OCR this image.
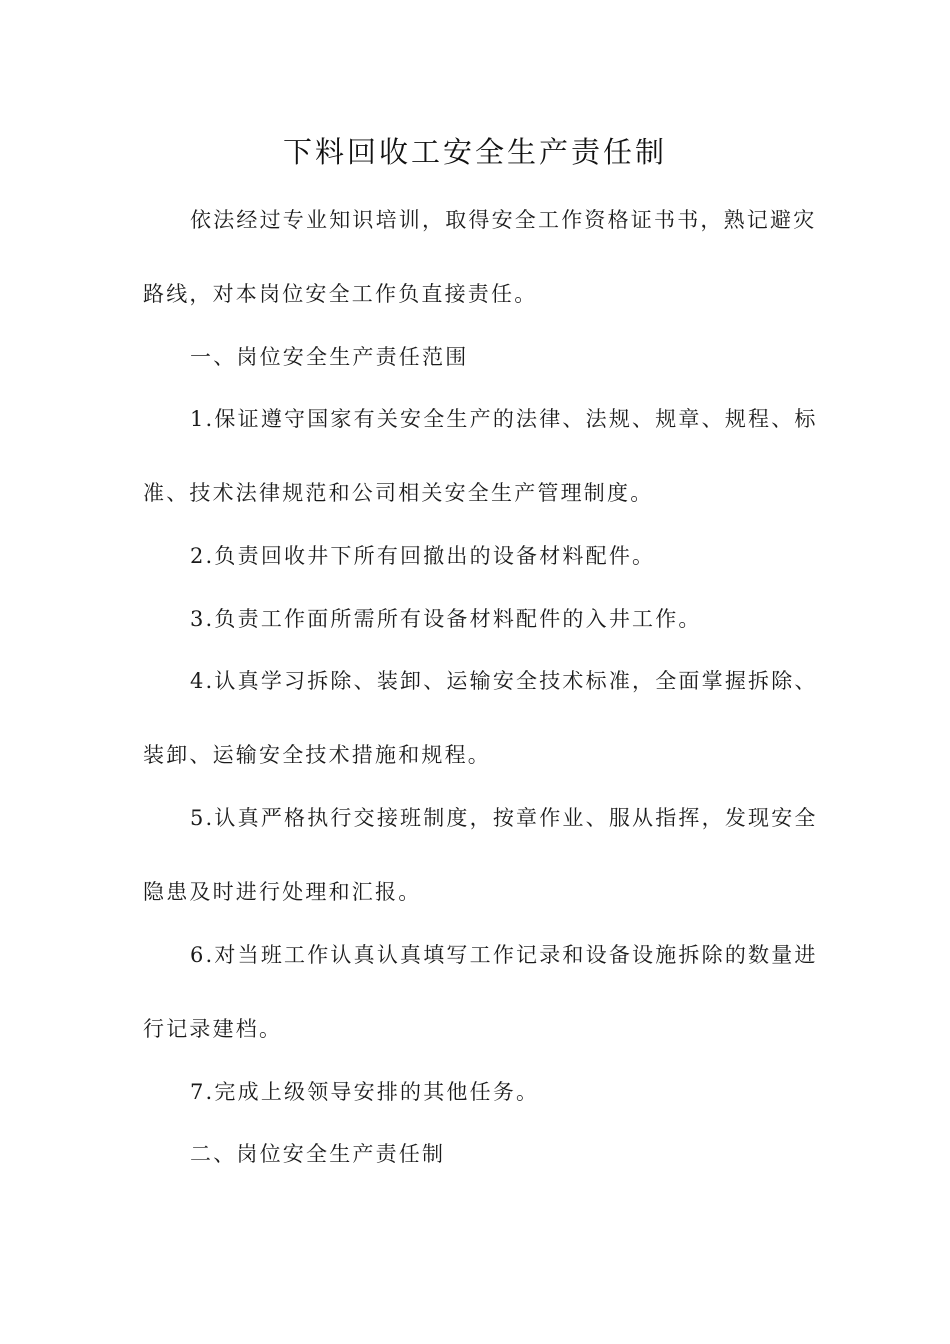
下料回收工安全生产责任制
依法经过专业知识培训，取得安全工作资格证书书，熟记避灾
路线，对本岗位安全工作负直接责任。
一、岗位安全生产责任范围
1.保证遵守国家有关安全生产的法律、法规、规章、规程、标
准、技术法律规范和公司相关安全生产管理制度。
2.负责回收井下所有回撤出的设备材料配件。
3.负责工作面所需所有设备材料配件的入井工作。
4.认真学习拆除、装卸、运输安全技术标准，全面掌握拆除、
装卸、运输安全技术措施和规程。
5.认真严格执行交接班制度，按章作业、服从指挥，发现安全
隐患及时进行处理和汇报。
6.对当班工作认真认真填写工作记录和设备设施拆除的数量进
行记录建档。
7.完成上级领导安排的其他任务。
二、岗位安全生产责任制
